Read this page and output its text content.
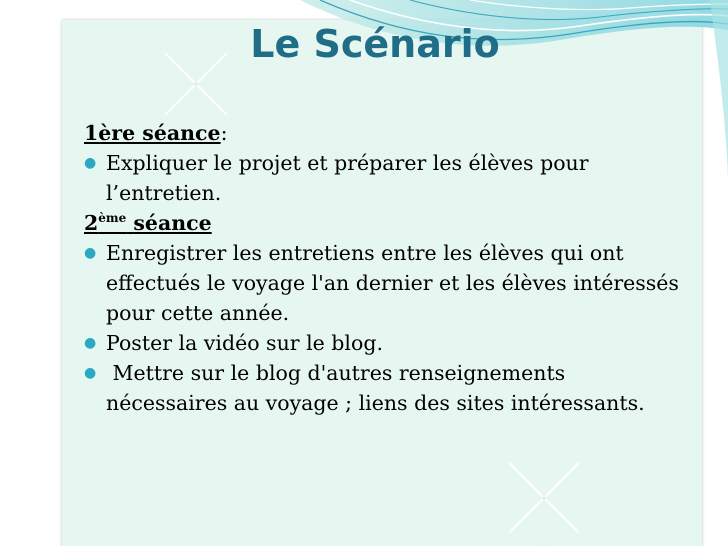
Le Scénario
1ère séance:
● Expliquer le projet et préparer les élèves pour l’entretien.
2ème séance
● Enregistrer les entretiens entre les élèves qui ont effectués le voyage l'an dernier et les élèves intéressés pour cette année.
● Poster la vidéo sur le blog.
● Mettre sur le blog d'autres renseignements nécessaires au voyage ; liens des sites intéressants.
